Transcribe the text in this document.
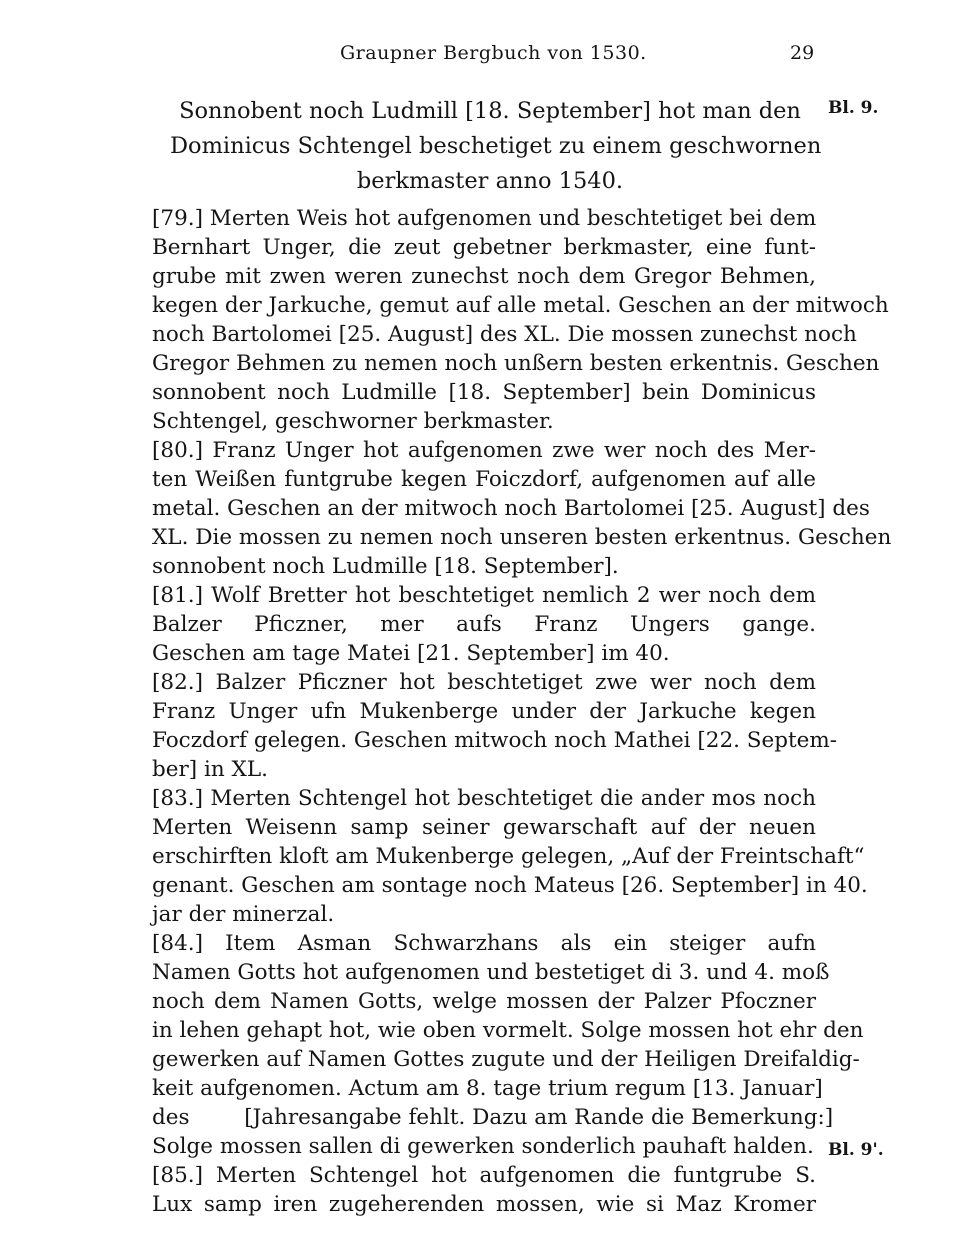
Graupner Bergbuch von 1530.	29
Bl. 9.
Bl. 9'.
Sonnobent noch Ludmill [18. September] hot man den
Dominicus Schtengel beschetiget zu einem geschwornen
berkmaster anno 1540.
[79.] Merten Weis hot aufgenomen und beschtetiget bei dem
Bernhart Unger, die zeut gebetner berkmaster, eine funt-
grube mit zwen weren zunechst noch dem Gregor Behmen,
kegen der Jarkuche, gemut auf alle metal. Geschen an der mitwoch
noch Bartolomei [25. August] des XL. Die mossen zunechst noch
Gregor Behmen zu nemen noch unßern besten erkentnis. Geschen
sonnobent noch Ludmille [18. September] bein Dominicus
Schtengel, geschworner berkmaster.
[80.] Franz Unger hot aufgenomen zwe wer noch des Mer-
ten Weißen funtgrube kegen Foiczdorf, aufgenomen auf alle
metal. Geschen an der mitwoch noch Bartolomei [25. August] des
XL. Die mossen zu nemen noch unseren besten erkentnus. Geschen
sonnobent noch Ludmille [18. September].
[81.] Wolf Bretter hot beschtetiget nemlich 2 wer noch dem
Balzer Pficzner, mer aufs Franz Ungers gange.
Geschen am tage Matei [21. September] im 40.
[82.] Balzer Pficzner hot beschtetiget zwe wer noch dem
Franz Unger ufn Mukenberge under der Jarkuche kegen
Foczdorf gelegen. Geschen mitwoch noch Mathei [22. Septem-
ber] in XL.
[83.] Merten Schtengel hot beschtetiget die ander mos noch
Merten Weisenn samp seiner gewarschaft auf der neuen
erschirften kloft am Mukenberge gelegen, „Auf der Freintschaft“
genant. Geschen am sontage noch Mateus [26. September] in 40.
jar der minerzal.
[84.] Item Asman Schwarzhans als ein steiger aufn
Namen Gotts hot aufgenomen und bestetiget di 3. und 4. moß
noch dem Namen Gotts, welge mossen der Palzer Pfoczner
in lehen gehapt hot, wie oben vormelt. Solge mossen hot ehr den
gewerken auf Namen Gottes zugute und der Heiligen Dreifaldig-
keit aufgenomen. Actum am 8. tage trium regum [13. Januar]
des        [Jahresangabe fehlt. Dazu am Rande die Bemerkung:]
Solge mossen sallen di gewerken sonderlich pauhaft halden.
[85.] Merten Schtengel hot aufgenomen die funtgrube S.
Lux samp iren zugeherenden mossen, wie si Maz Kromer
